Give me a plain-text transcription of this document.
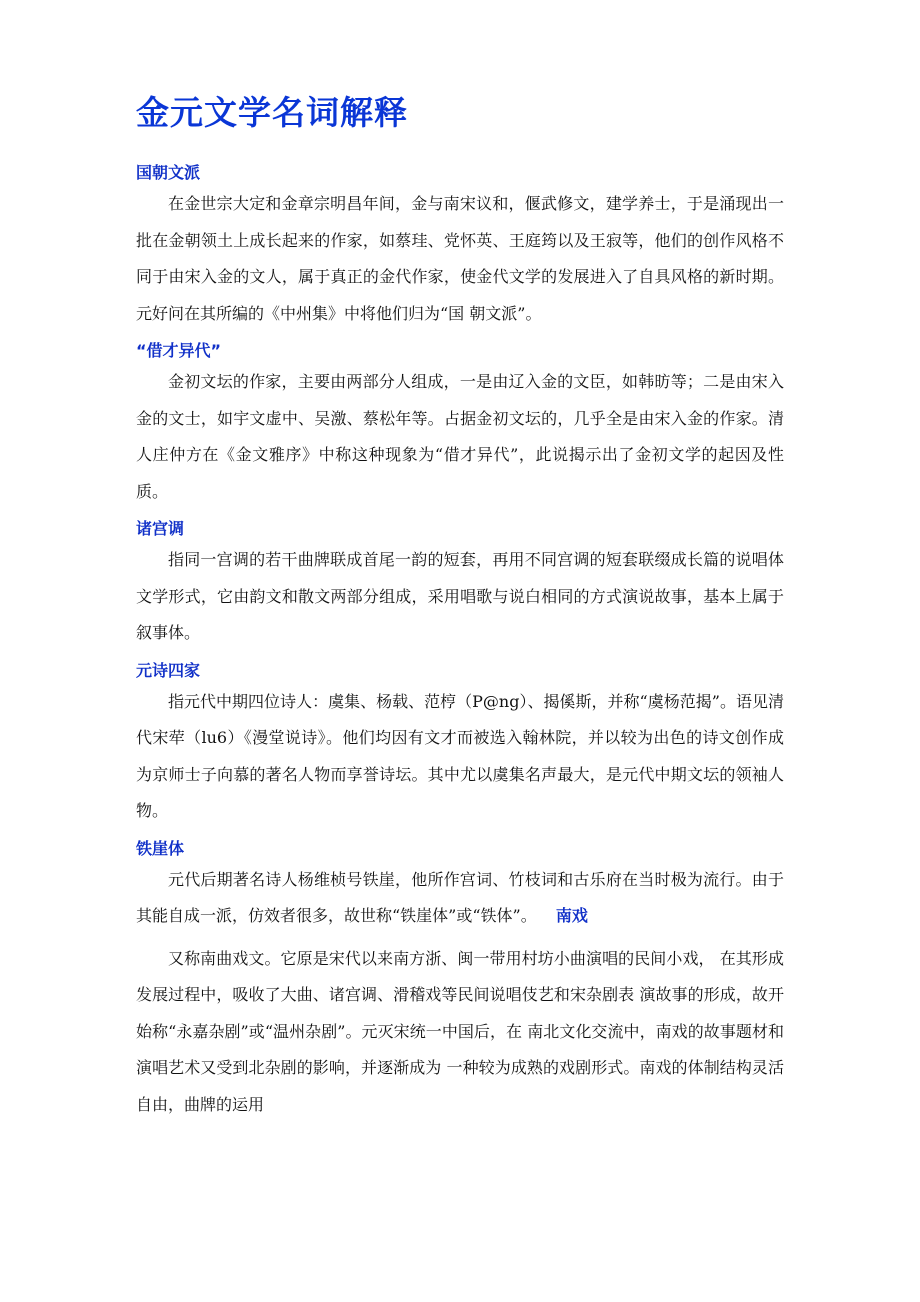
金元文学名词解释
国朝文派

在金世宗大定和金章宗明昌年间，金与南宋议和，偃武修文，建学养士，于是涌现出一批在金朝领土上成长起来的作家，如蔡珪、党怀英、王庭筠以及王寂等，他们的创作风格不同于由宋入金的文人，属于真正的金代作家，使金代文学的发展进入了自具风格的新时期。元好问在其所编的《中州集》中将他们归为“国 朝文派”。

“借才异代”

金初文坛的作家，主要由两部分人组成，一是由辽入金的文臣，如韩昉等；二是由宋入金的文士，如宇文虚中、吴激、蔡松年等。占据金初文坛的，几乎全是由宋入金的作家。清人庄仲方在《金文雅序》中称这种现象为“借才异代”，此说揭示出了金初文学的起因及性质。

诸宫调

指同一宫调的若干曲牌联成首尾一韵的短套，再用不同宫调的短套联缀成长篇的说唱体文学形式，它由韵文和散文两部分组成，采用唱歌与说白相同的方式演说故事，基本上属于叙事体。

元诗四家

指元代中期四位诗人：虞集、杨载、范梈（P@ng）、揭傒斯，并称“虞杨范揭”。语见清代宋荦（lu6）《漫堂说诗》。他们均因有文才而被选入翰林院，并以较为出色的诗文创作成为京师士子向慕的著名人物而享誉诗坛。其中尤以虞集名声最大，是元代中期文坛的领袖人物。

铁崖体

元代后期著名诗人杨维桢号铁崖，他所作宫词、竹枝词和古乐府在当时极为流行。由于其能自成一派，仿效者很多，故世称“铁崖体”或“铁体”。 南戏

又称南曲戏文。它原是宋代以来南方浙、闽一带用村坊小曲演唱的民间小戏， 在其形成发展过程中，吸收了大曲、诸宫调、滑稽戏等民间说唱伎艺和宋杂剧表 演故事的形成，故开始称“永嘉杂剧”或“温州杂剧”。元灭宋统一中国后，在 南北文化交流中，南戏的故事题材和演唱艺术又受到北杂剧的影响，并逐渐成为 一种较为成熟的戏剧形式。南戏的体制结构灵活自由，曲牌的运用
